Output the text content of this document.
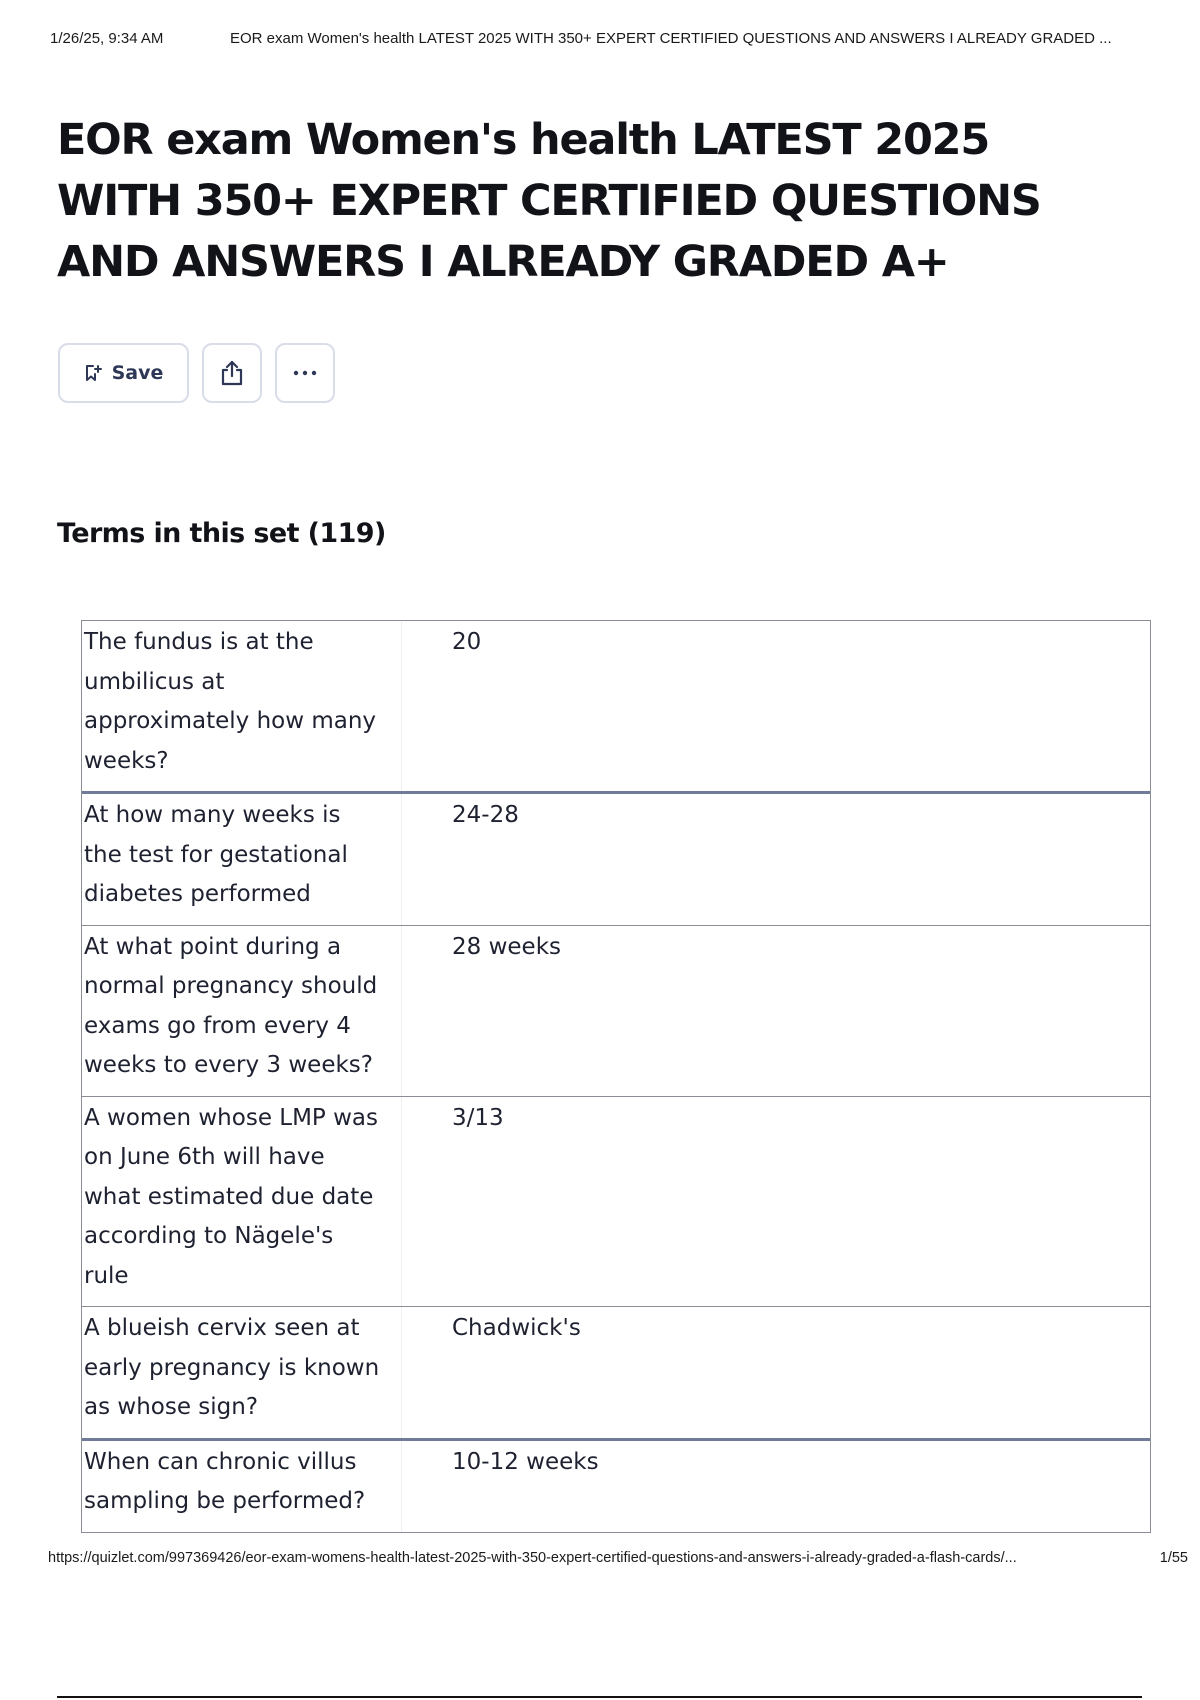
1/26/25, 9:34 AM	EOR exam Women's health LATEST 2025 WITH 350+ EXPERT CERTIFIED QUESTIONS AND ANSWERS I ALREADY GRADED ...
EOR exam Women's health LATEST 2025 WITH 350+ EXPERT CERTIFIED QUESTIONS AND ANSWERS I ALREADY GRADED A+
Save
Terms in this set (119)
The fundus is at the umbilicus at approximately how many weeks?
20
At how many weeks is the test for gestational diabetes performed
24-28
At what point during a normal pregnancy should exams go from every 4 weeks to every 3 weeks?
28 weeks
A women whose LMP was on June 6th will have what estimated due date according to Nägele's rule
3/13
A blueish cervix seen at early pregnancy is known as whose sign?
Chadwick's
When can chronic villus sampling be performed?
10-12 weeks
https://quizlet.com/997369426/eor-exam-womens-health-latest-2025-with-350-expert-certified-questions-and-answers-i-already-graded-a-flash-cards/...	1/55
